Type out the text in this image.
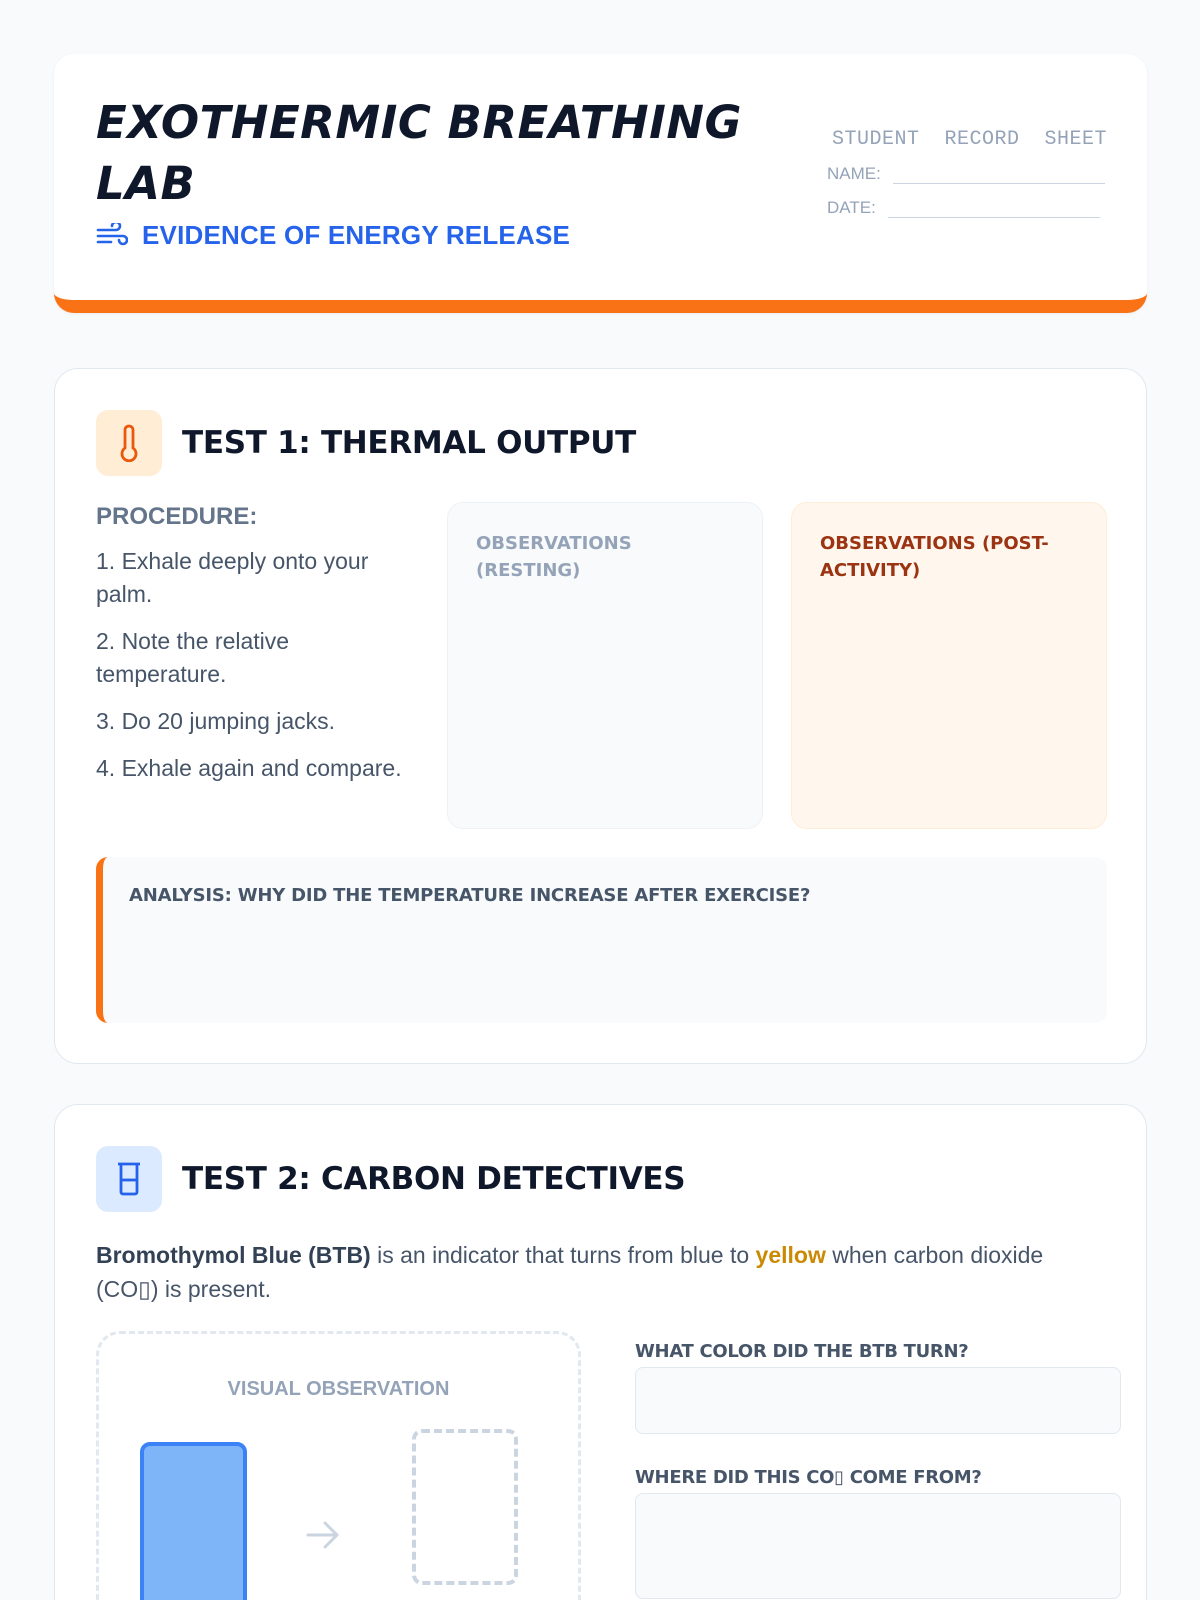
EXOTHERMIC BREATHING LAB
EVIDENCE OF ENERGY RELEASE
STUDENT  RECORD  SHEET
NAME:
DATE:
TEST 1: THERMAL OUTPUT
PROCEDURE:
1. Exhale deeply onto your palm.
2. Note the relative temperature.
3. Do 20 jumping jacks.
4. Exhale again and compare.
OBSERVATIONS (RESTING)
OBSERVATIONS (POST-ACTIVITY)
ANALYSIS: WHY DID THE TEMPERATURE INCREASE AFTER EXERCISE?
TEST 2: CARBON DETECTIVES

Bromothymol Blue (BTB) is an indicator that turns from blue to yellow when carbon dioxide (CO▯) is present.

VISUAL OBSERVATION
WHAT COLOR DID THE BTB TURN?
WHERE DID THIS CO▯ COME FROM?
